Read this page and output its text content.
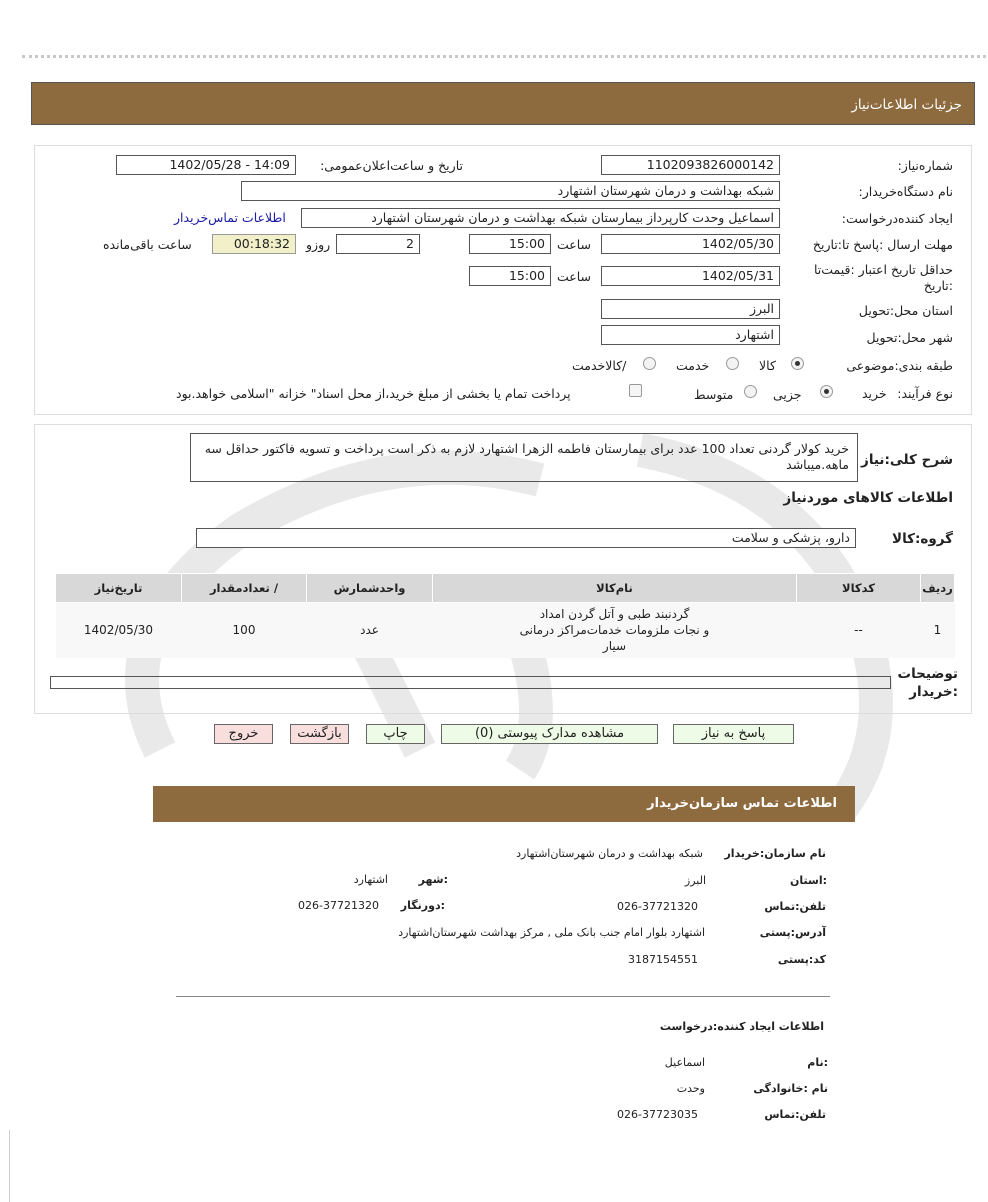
جزئیات اطلاعات‌نیاز
شماره‌نیاز:
1102093826000142
تاریخ و ساعت‌اعلان‌عمومی:
1402/05/28 - 14:09
نام دستگاه‌خریدار:
شبکه بهداشت و درمان شهرستان اشتهارد
ایجاد کننده‌درخواست:
اسماعیل وحدت کارپرداز بیمارستان شبکه بهداشت و درمان شهرستان اشتهارد
اطلاعات تماس‌خریدار
مهلت ارسال :پاسخ تا:تاریخ
1402/05/30
ساعت
15:00
2
روزو
00:18:32
ساعت باقی‌مانده
حداقل تاریخ اعتبار :قیمت‌تا
:تاریخ
1402/05/31
ساعت
15:00
استان محل:تحویل
البرز
شهر محل:تحویل
اشتهارد
طبقه بندی:موضوعی
کالا
خدمت
/کالاخدمت
نوع فرآیند:
خرید
جزیی
متوسط
پرداخت تمام یا بخشی از مبلغ خرید،از محل اسناد" خزانه "اسلامی خواهد.بود
شرح کلی:نیاز
خرید کولار گردنی تعداد 100 عدد برای بیمارستان فاطمه الزهرا اشتهارد لازم به ذکر است پرداخت و تسویه فاکتور حداقل سه ماهه.میباشد
اطلاعات کالاهای موردنیاز
گروه:کالا
دارو، پزشکی و سلامت
ردیف	کدکالا	نام‌کالا	واحدشمارش	/ تعدادمقدار	تاریخ‌نیاز
1	--	گردنبند طبی و آتل گردن امداد
و نجات ملزومات خدمات‌مراکز درمانی
سیار	عدد	100	1402/05/30
توضیحات
:خریدار
پاسخ به نیاز
مشاهده مدارک پیوستی (0)
چاپ
بازگشت
خروج
اطلاعات تماس سازمان‌خریدار
نام سازمان:خریدار
شبکه بهداشت و درمان شهرستان‌اشتهارد
:استان
البرز
:شهر
اشتهارد
تلفن:تماس
026-37721320
:دورنگار
026-37721320
آدرس:پستی
اشتهارد بلوار امام جنب بانک ملی , مرکز بهداشت شهرستان‌اشتهارد
کد:پستی
3187154551
اطلاعات ایجاد کننده:درخواست
:نام
اسماعیل
نام :خانوادگی
وحدت
تلفن:تماس
026-37723035
